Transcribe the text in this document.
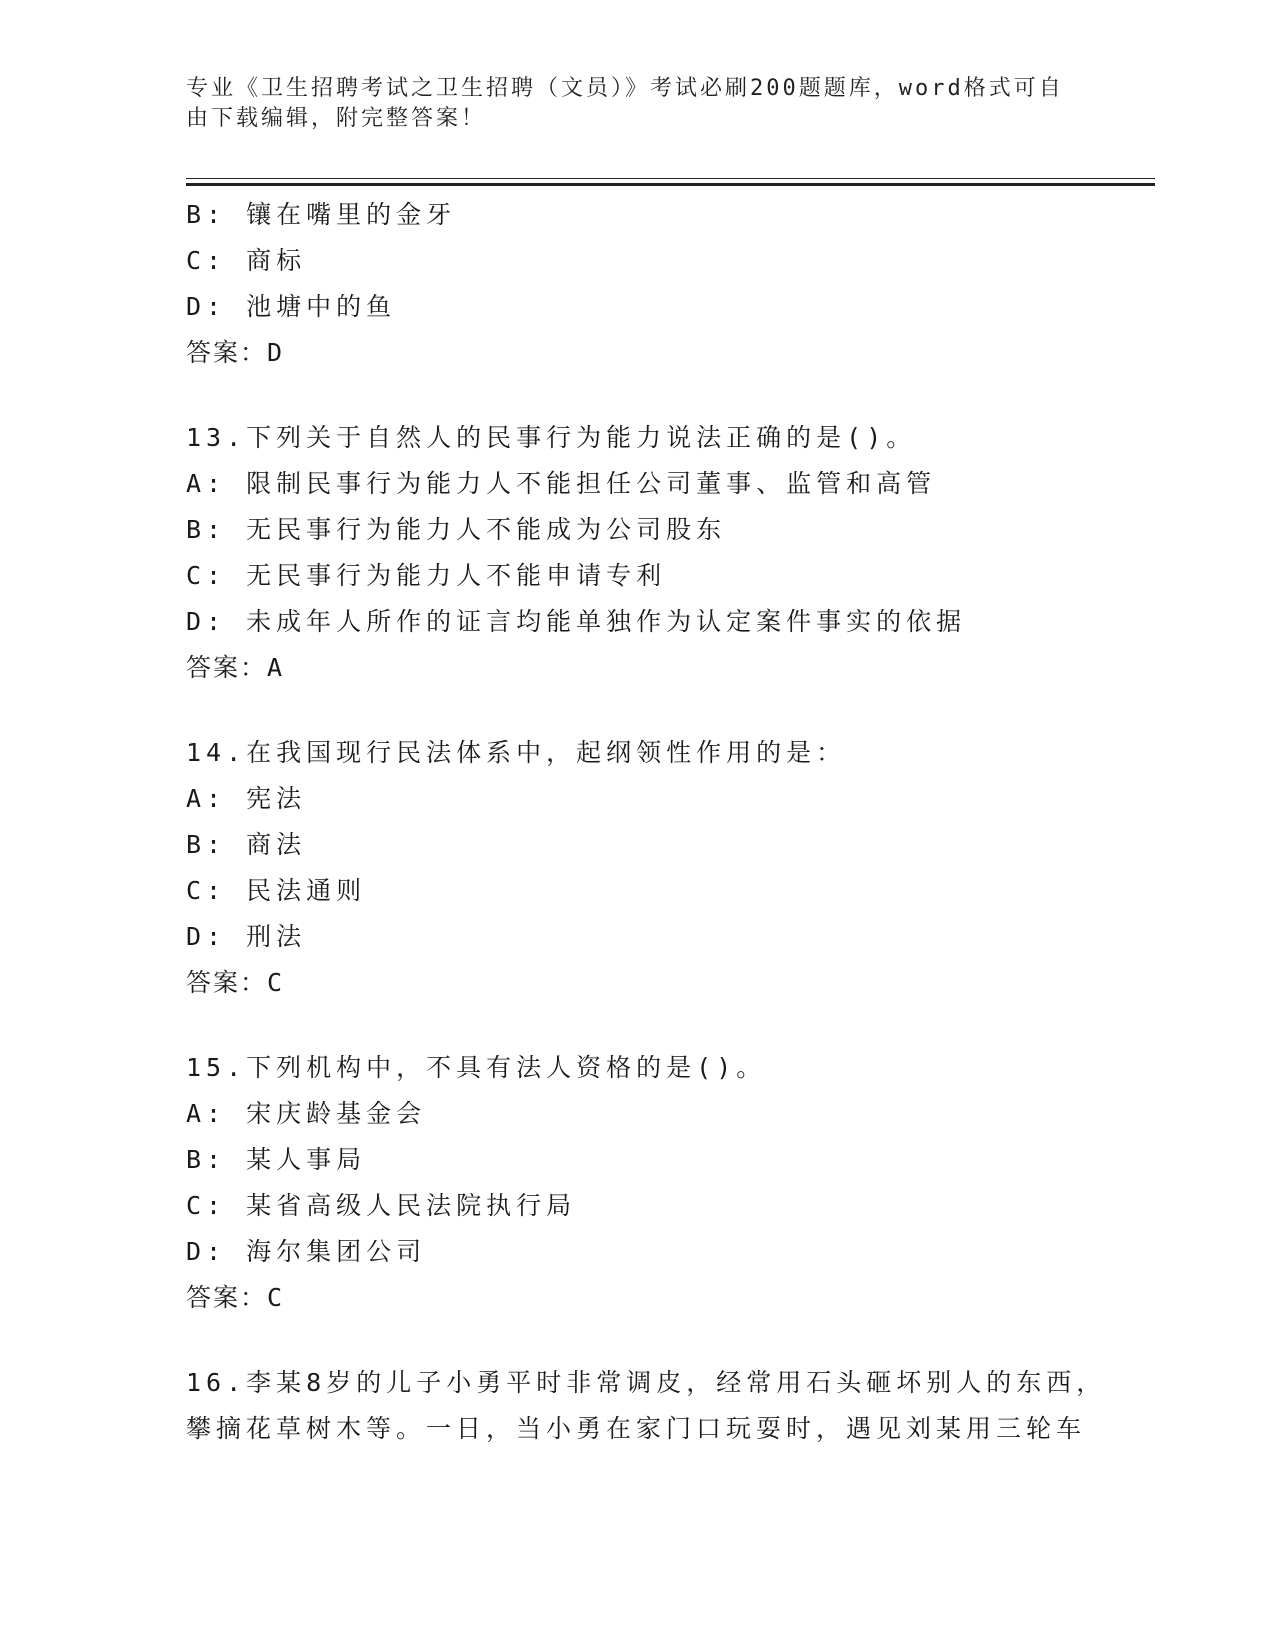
专业《卫生招聘考试之卫生招聘（文员）》考试必刷200题题库，word格式可自由下载编辑，附完整答案！
B: 镶在嘴里的金牙
C: 商标
D: 池塘中的鱼
答案：D
13.下列关于自然人的民事行为能力说法正确的是()。
A: 限制民事行为能力人不能担任公司董事、监管和高管
B: 无民事行为能力人不能成为公司股东
C: 无民事行为能力人不能申请专利
D: 未成年人所作的证言均能单独作为认定案件事实的依据
答案：A
14.在我国现行民法体系中，起纲领性作用的是：
A: 宪法
B: 商法
C: 民法通则
D: 刑法
答案：C
15.下列机构中，不具有法人资格的是()。
A: 宋庆龄基金会
B: 某人事局
C: 某省高级人民法院执行局
D: 海尔集团公司
答案：C
16.李某8岁的儿子小勇平时非常调皮，经常用石头砸坏别人的东西，攀摘花草树木等。一日，当小勇在家门口玩耍时，遇见刘某用三轮车
